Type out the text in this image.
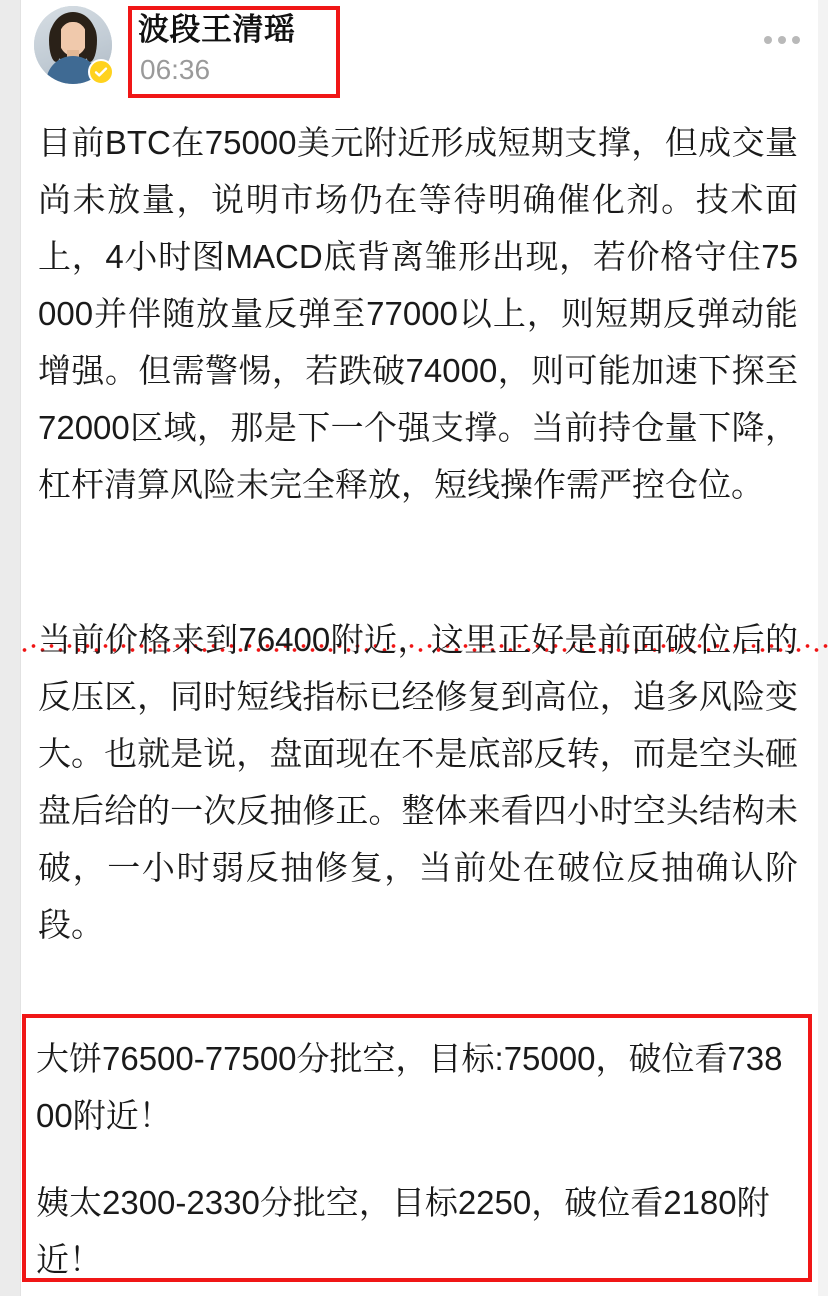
波段王清瑶
06:36
目前BTC在75000美元附近形成短期支撑，但成交量尚未放量，说明市场仍在等待明确催化剂。技术面上，4小时图MACD底背离雏形出现，若价格守住75000并伴随放量反弹至77000以上，则短期反弹动能增强。但需警惕，若跌破74000，则可能加速下探至72000区域，那是下一个强支撑。当前持仓量下降，杠杆清算风险未完全释放，短线操作需严控仓位。
当前价格来到76400附近，这里正好是前面破位后的反压区，同时短线指标已经修复到高位，追多风险变大。也就是说，盘面现在不是底部反转，而是空头砸盘后给的一次反抽修正。整体来看四小时空头结构未破，一小时弱反抽修复，当前处在破位反抽确认阶段。
大饼76500-77500分批空，目标:75000，破位看73800附近！
姨太2300-2330分批空，目标2250，破位看2180附近！
